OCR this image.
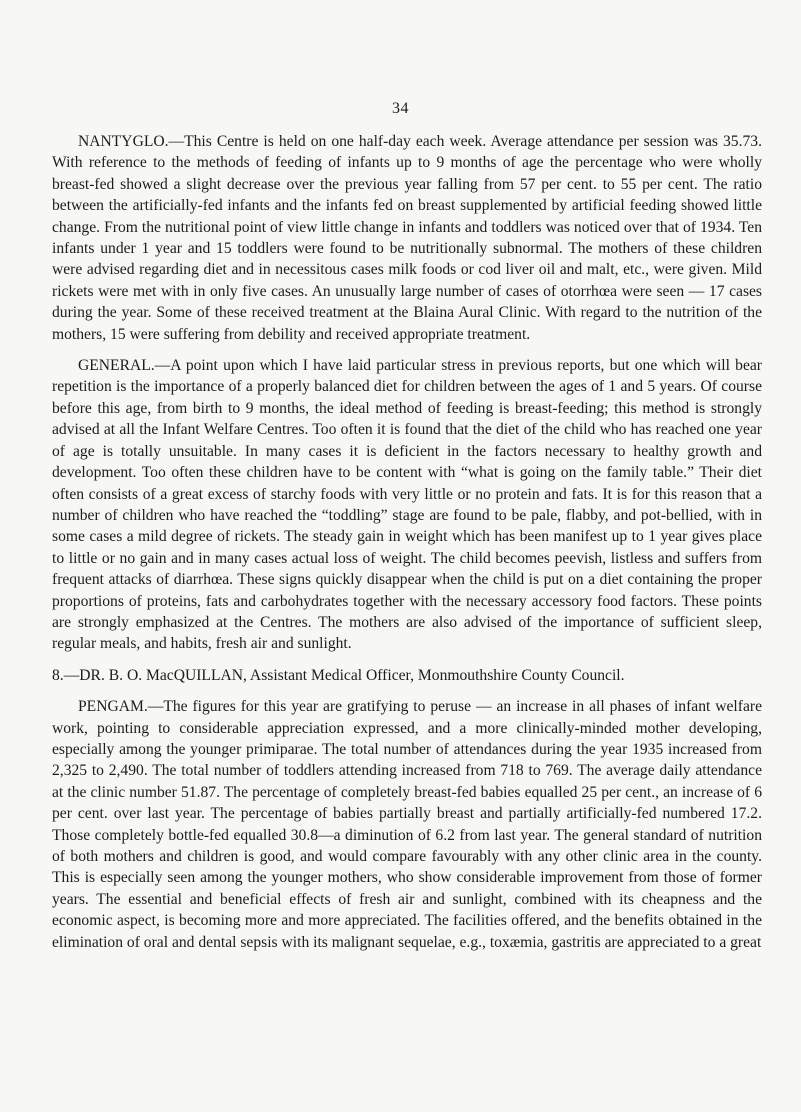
34

NANTYGLO.—This Centre is held on one half-day each week. Average attendance per session was 35.73. With reference to the methods of feeding of infants up to 9 months of age the percentage who were wholly breast-fed showed a slight decrease over the previous year falling from 57 per cent. to 55 per cent. The ratio between the artificially-fed infants and the infants fed on breast supplemented by artificial feeding showed little change. From the nutritional point of view little change in infants and toddlers was noticed over that of 1934. Ten infants under 1 year and 15 toddlers were found to be nutritionally subnormal. The mothers of these children were advised regarding diet and in necessitous cases milk foods or cod liver oil and malt, etc., were given. Mild rickets were met with in only five cases. An unusually large number of cases of otorrhœa were seen — 17 cases during the year. Some of these received treatment at the Blaina Aural Clinic. With regard to the nutrition of the mothers, 15 were suffering from debility and received appropriate treatment.

GENERAL.—A point upon which I have laid particular stress in previous reports, but one which will bear repetition is the importance of a properly balanced diet for children between the ages of 1 and 5 years. Of course before this age, from birth to 9 months, the ideal method of feeding is breast-feeding; this method is strongly advised at all the Infant Welfare Centres. Too often it is found that the diet of the child who has reached one year of age is totally unsuitable. In many cases it is deficient in the factors necessary to healthy growth and development. Too often these children have to be content with “what is going on the family table.” Their diet often consists of a great excess of starchy foods with very little or no protein and fats. It is for this reason that a number of children who have reached the “toddling” stage are found to be pale, flabby, and pot-bellied, with in some cases a mild degree of rickets. The steady gain in weight which has been manifest up to 1 year gives place to little or no gain and in many cases actual loss of weight. The child becomes peevish, listless and suffers from frequent attacks of diarrhœa. These signs quickly disappear when the child is put on a diet containing the proper proportions of proteins, fats and carbohydrates together with the necessary accessory food factors. These points are strongly emphasized at the Centres. The mothers are also advised of the importance of sufficient sleep, regular meals, and habits, fresh air and sunlight.

8.—DR. B. O. MacQUILLAN, Assistant Medical Officer, Monmouthshire County Council.

PENGAM.—The figures for this year are gratifying to peruse — an increase in all phases of infant welfare work, pointing to considerable appreciation expressed, and a more clinically-minded mother developing, especially among the younger primiparae. The total number of attendances during the year 1935 increased from 2,325 to 2,490. The total number of toddlers attending increased from 718 to 769. The average daily attendance at the clinic number 51.87. The percentage of completely breast-fed babies equalled 25 per cent., an increase of 6 per cent. over last year. The percentage of babies partially breast and partially artificially-fed numbered 17.2. Those completely bottle-fed equalled 30.8—a diminution of 6.2 from last year. The general standard of nutrition of both mothers and children is good, and would compare favourably with any other clinic area in the county. This is especially seen among the younger mothers, who show considerable improvement from those of former years. The essential and beneficial effects of fresh air and sunlight, combined with its cheapness and the economic aspect, is becoming more and more appreciated. The facilities offered, and the benefits obtained in the elimination of oral and dental sepsis with its malignant sequelae, e.g., toxæmia, gastritis are appreciated to a great
